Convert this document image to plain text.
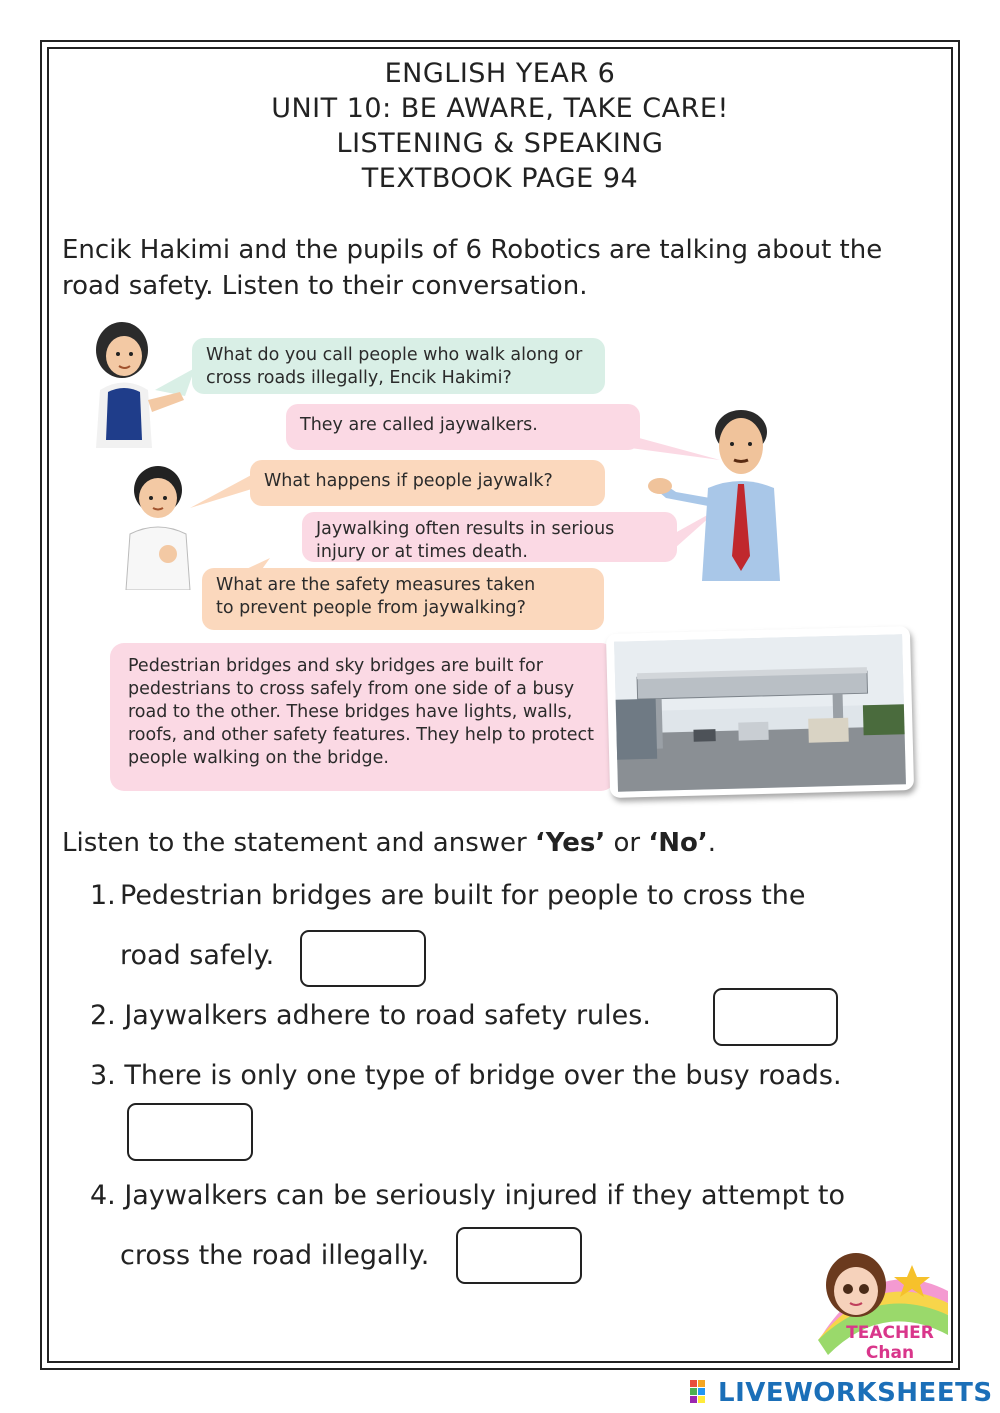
ENGLISH YEAR 6
UNIT 10: BE AWARE, TAKE CARE!
LISTENING & SPEAKING
TEXTBOOK PAGE 94
Encik Hakimi and the pupils of 6 Robotics are talking about the road safety. Listen to their conversation.
What do you call people who walk along or cross roads illegally, Encik Hakimi?
They are called jaywalkers.
What happens if people jaywalk?
Jaywalking often results in serious injury or at times death.
What are the safety measures taken to prevent people from jaywalking?
Pedestrian bridges and sky bridges are built for pedestrians to cross safely from one side of a busy road to the other. These bridges have lights, walls, roofs, and other safety features. They help to protect people walking on the bridge.
Listen to the statement and answer ‘Yes’ or ‘No’.
1. Pedestrian bridges are built for people to cross the
road safely.
2. Jaywalkers adhere to road safety rules.
3. There is only one type of bridge over the busy roads.
4. Jaywalkers can be seriously injured if they attempt to
cross the road illegally.
TEACHER Chan
LIVEWORKSHEETS
